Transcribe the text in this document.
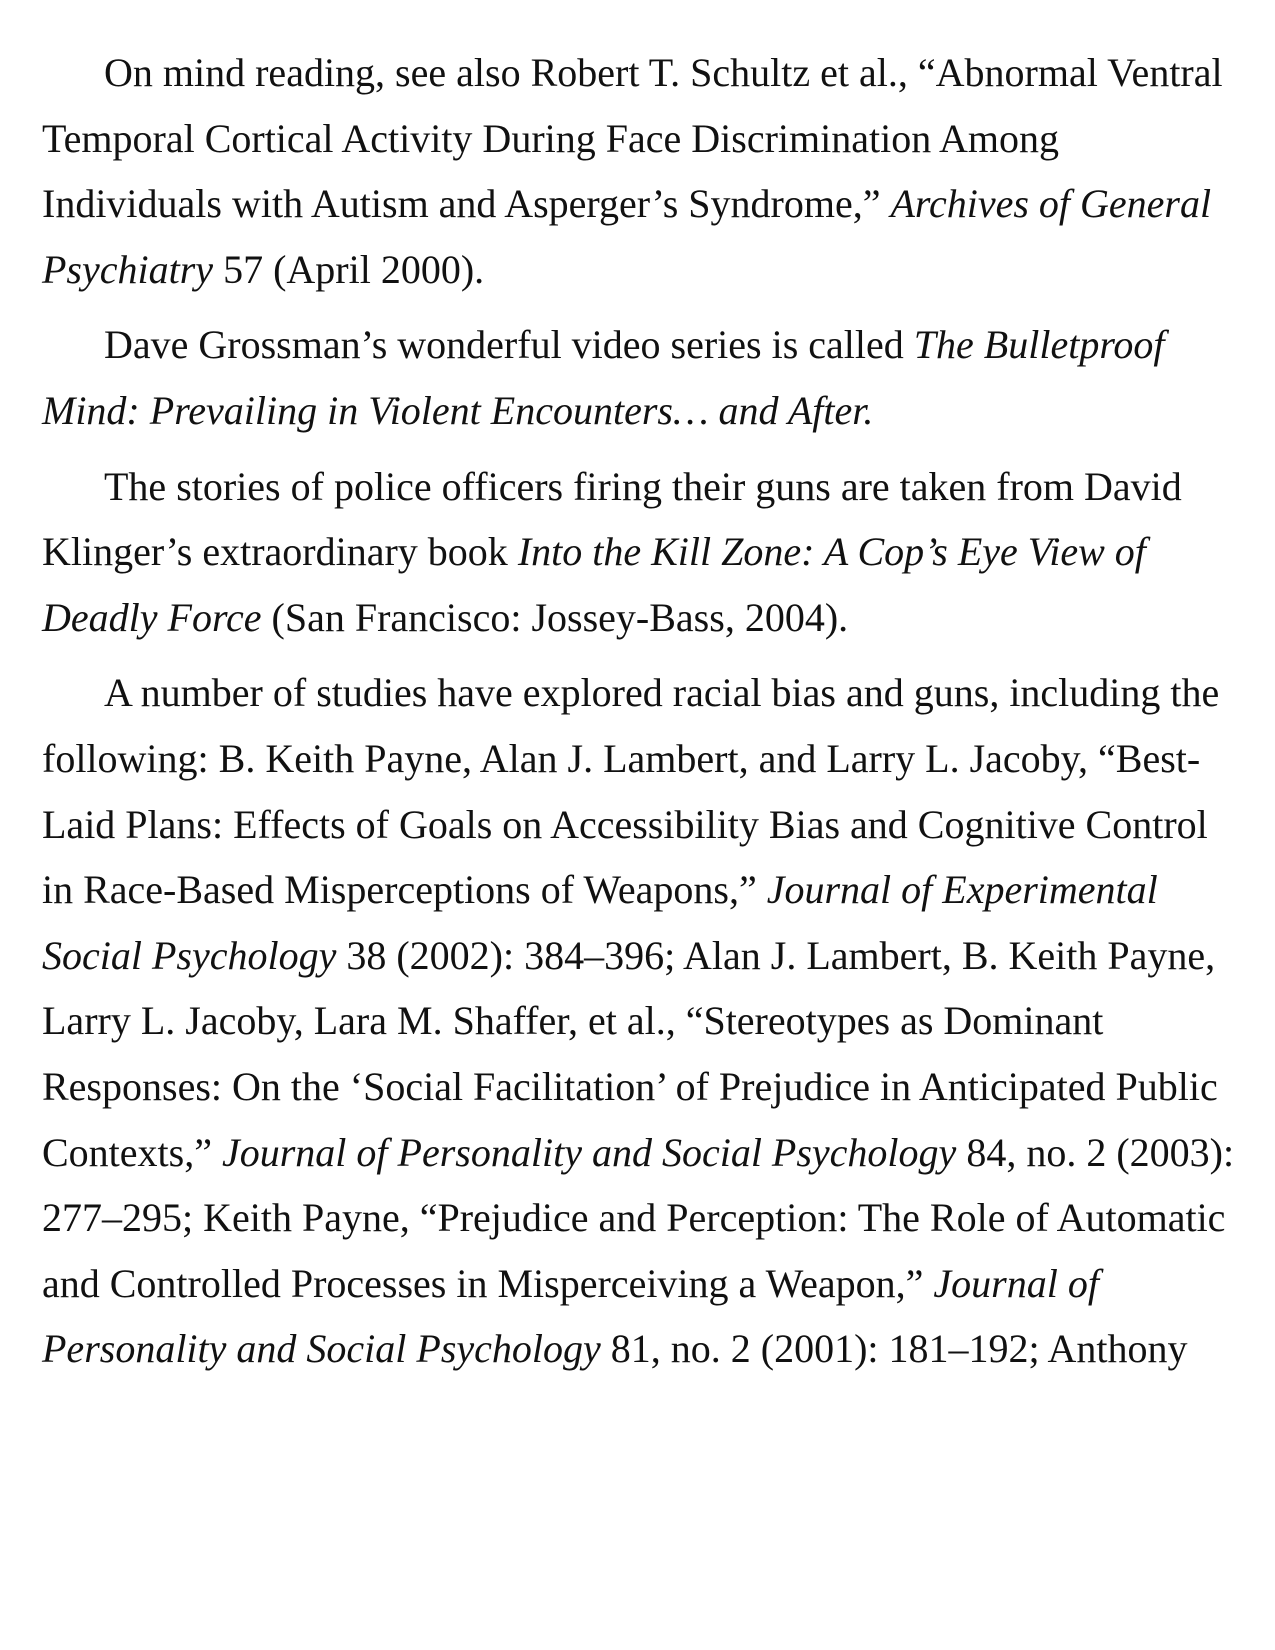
On mind reading, see also Robert T. Schultz et al., “Abnormal Ventral Temporal Cortical Activity During Face Discrimination Among Individuals with Autism and Asperger’s Syndrome,” Archives of General Psychiatry 57 (April 2000).

Dave Grossman’s wonderful video series is called The Bulletproof Mind: Prevailing in Violent Encounters… and After.

The stories of police officers firing their guns are taken from David Klinger’s extraordinary book Into the Kill Zone: A Cop’s Eye View of Deadly Force (San Francisco: Jossey-Bass, 2004).

A number of studies have explored racial bias and guns, including the following: B. Keith Payne, Alan J. Lambert, and Larry L. Jacoby, “Best-Laid Plans: Effects of Goals on Accessibility Bias and Cognitive Control in Race-Based Misperceptions of Weapons,” Journal of Experimental Social Psychology 38 (2002): 384–396; Alan J. Lambert, B. Keith Payne, Larry L. Jacoby, Lara M. Shaffer, et al., “Stereotypes as Dominant Responses: On the ‘Social Facilitation’ of Prejudice in Anticipated Public Contexts,” Journal of Personality and Social Psychology 84, no. 2 (2003): 277–295; Keith Payne, “Prejudice and Perception: The Role of Automatic and Controlled Processes in Misperceiving a Weapon,” Journal of Personality and Social Psychology 81, no. 2 (2001): 181–192; Anthony
